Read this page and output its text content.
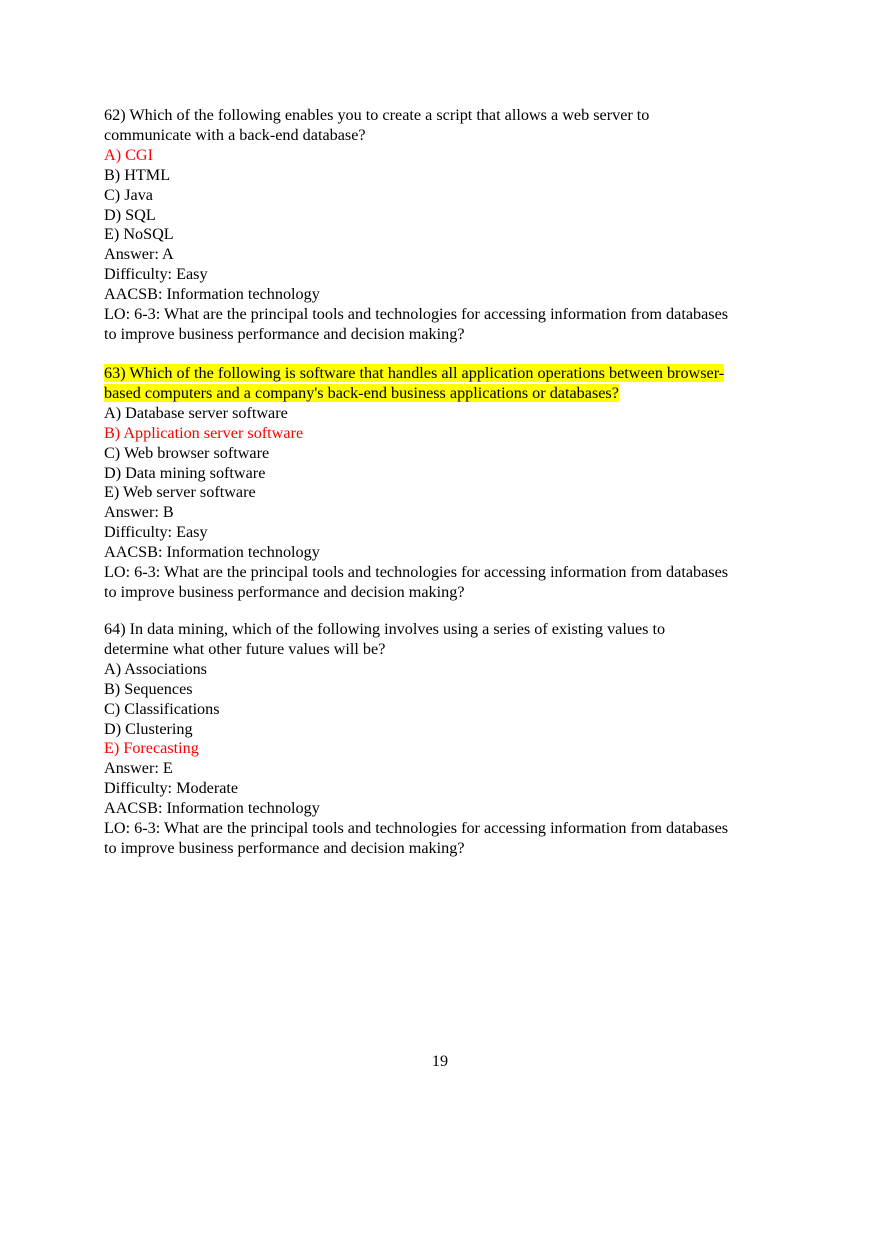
62) Which of the following enables you to create a script that allows a web server to
communicate with a back-end database?
A) CGI
B) HTML
C) Java
D) SQL
E) NoSQL
Answer: A
Difficulty: Easy
AACSB: Information technology
LO: 6-3: What are the principal tools and technologies for accessing information from databases
to improve business performance and decision making?
63) Which of the following is software that handles all application operations between browser-
based computers and a company's back-end business applications or databases?
A) Database server software
B) Application server software
C) Web browser software
D) Data mining software
E) Web server software
Answer: B
Difficulty: Easy
AACSB: Information technology
LO: 6-3: What are the principal tools and technologies for accessing information from databases
to improve business performance and decision making?
64) In data mining, which of the following involves using a series of existing values to
determine what other future values will be?
A) Associations
B) Sequences
C) Classifications
D) Clustering
E) Forecasting
Answer: E
Difficulty: Moderate
AACSB: Information technology
LO: 6-3: What are the principal tools and technologies for accessing information from databases
to improve business performance and decision making?
19
